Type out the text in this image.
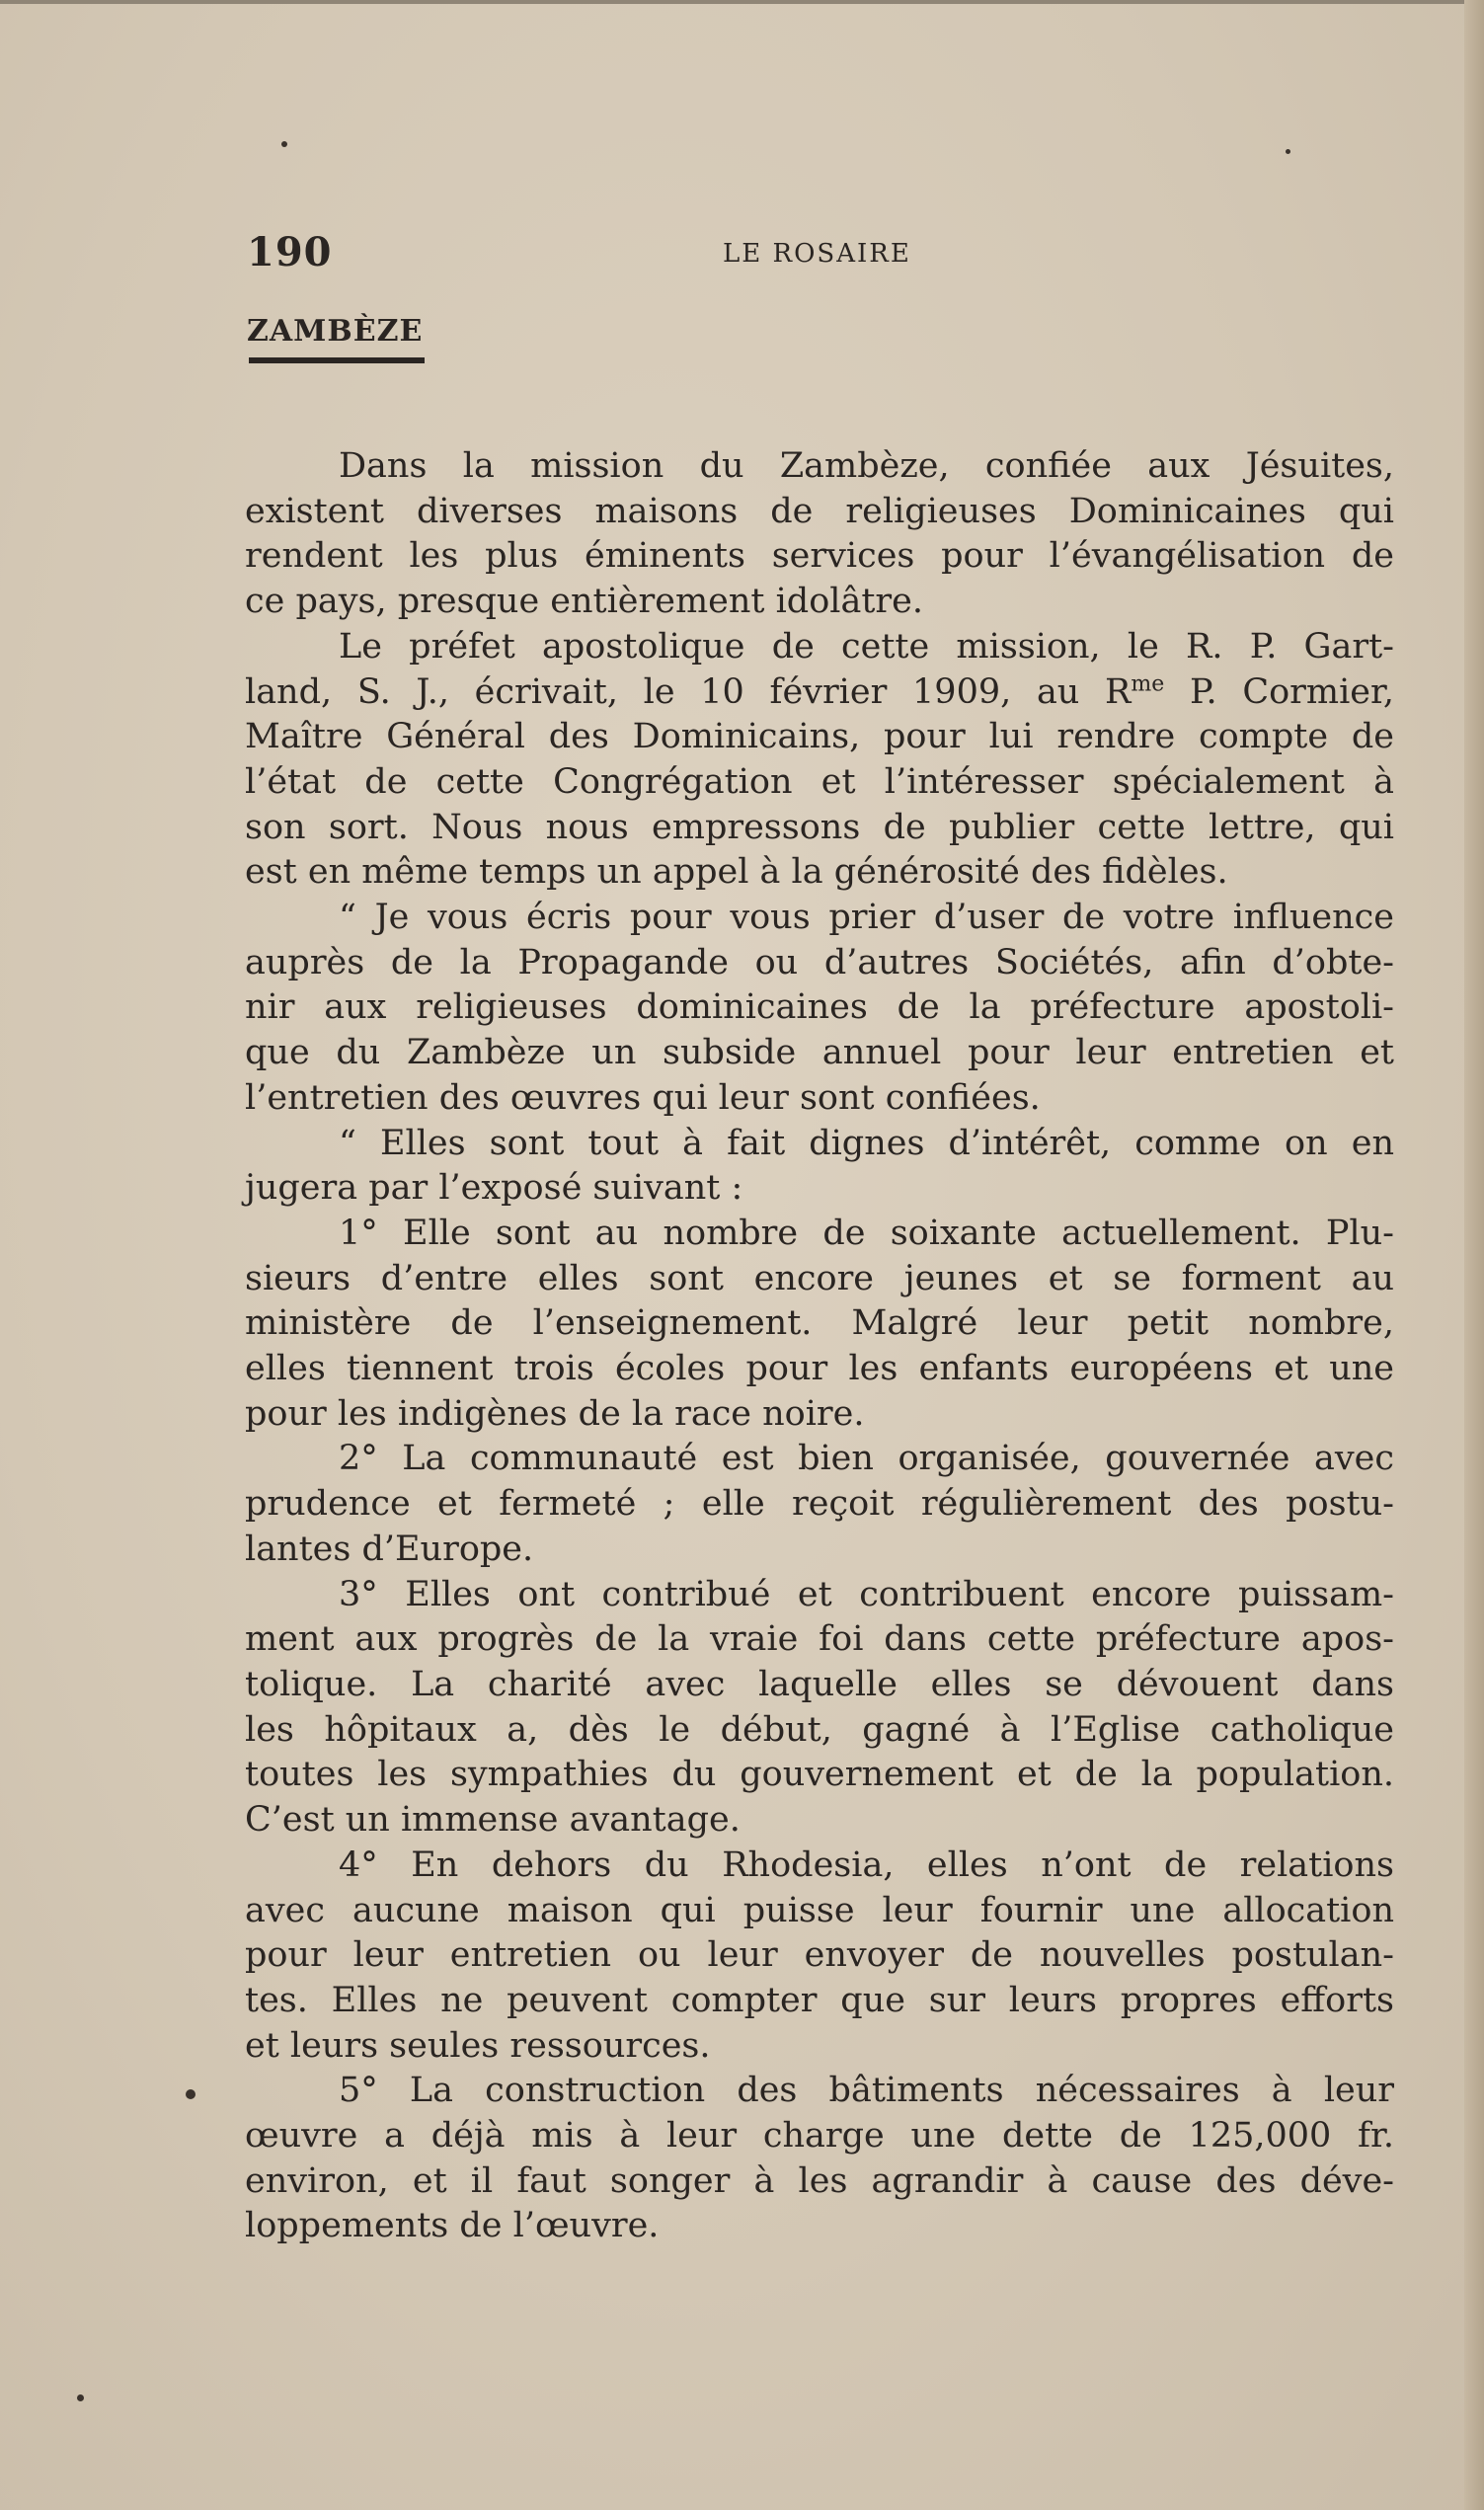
190	LE ROSAIRE
ZAMBÈZE
Dans la mission du Zambèze, confiée aux Jésuites,
existent diverses maisons de religieuses Dominicaines qui
rendent les plus éminents services pour l’évangélisation de
ce pays, presque entièrement idolâtre.
Le préfet apostolique de cette mission, le R. P. Gart-
land, S. J., écrivait, le 10 février 1909, au $R^{me}$ P. Cormier,
Maître Général des Dominicains, pour lui rendre compte de
l’état de cette Congrégation et l’intéresser spécialement à
son sort. Nous nous empressons de publier cette lettre, qui
est en même temps un appel à la générosité des fidèles.
“ Je vous écris pour vous prier d’user de votre influence
auprès de la Propagande ou d’autres Sociétés, afin d’obte-
nir aux religieuses dominicaines de la préfecture apostoli-
que du Zambèze un subside annuel pour leur entretien et
l’entretien des œuvres qui leur sont confiées.
“ Elles sont tout à fait dignes d’intérêt, comme on en
jugera par l’exposé suivant :
1° Elle sont au nombre de soixante actuellement. Plu-
sieurs d’entre elles sont encore jeunes et se forment au
ministère de l’enseignement. Malgré leur petit nombre,
elles tiennent trois écoles pour les enfants européens et une
pour les indigènes de la race noire.
2° La communauté est bien organisée, gouvernée avec
prudence et fermeté ; elle reçoit régulièrement des postu-
lantes d’Europe.
3° Elles ont contribué et contribuent encore puissam-
ment aux progrès de la vraie foi dans cette préfecture apos-
tolique. La charité avec laquelle elles se dévouent dans
les hôpitaux a, dès le début, gagné à l’Eglise catholique
toutes les sympathies du gouvernement et de la population.
C’est un immense avantage.
4° En dehors du Rhodesia, elles n’ont de relations
avec aucune maison qui puisse leur fournir une allocation
pour leur entretien ou leur envoyer de nouvelles postulan-
tes. Elles ne peuvent compter que sur leurs propres efforts
et leurs seules ressources.
5° La construction des bâtiments nécessaires à leur
œuvre a déjà mis à leur charge une dette de 125,000 fr.
environ, et il faut songer à les agrandir à cause des déve-
loppements de l’œuvre.
